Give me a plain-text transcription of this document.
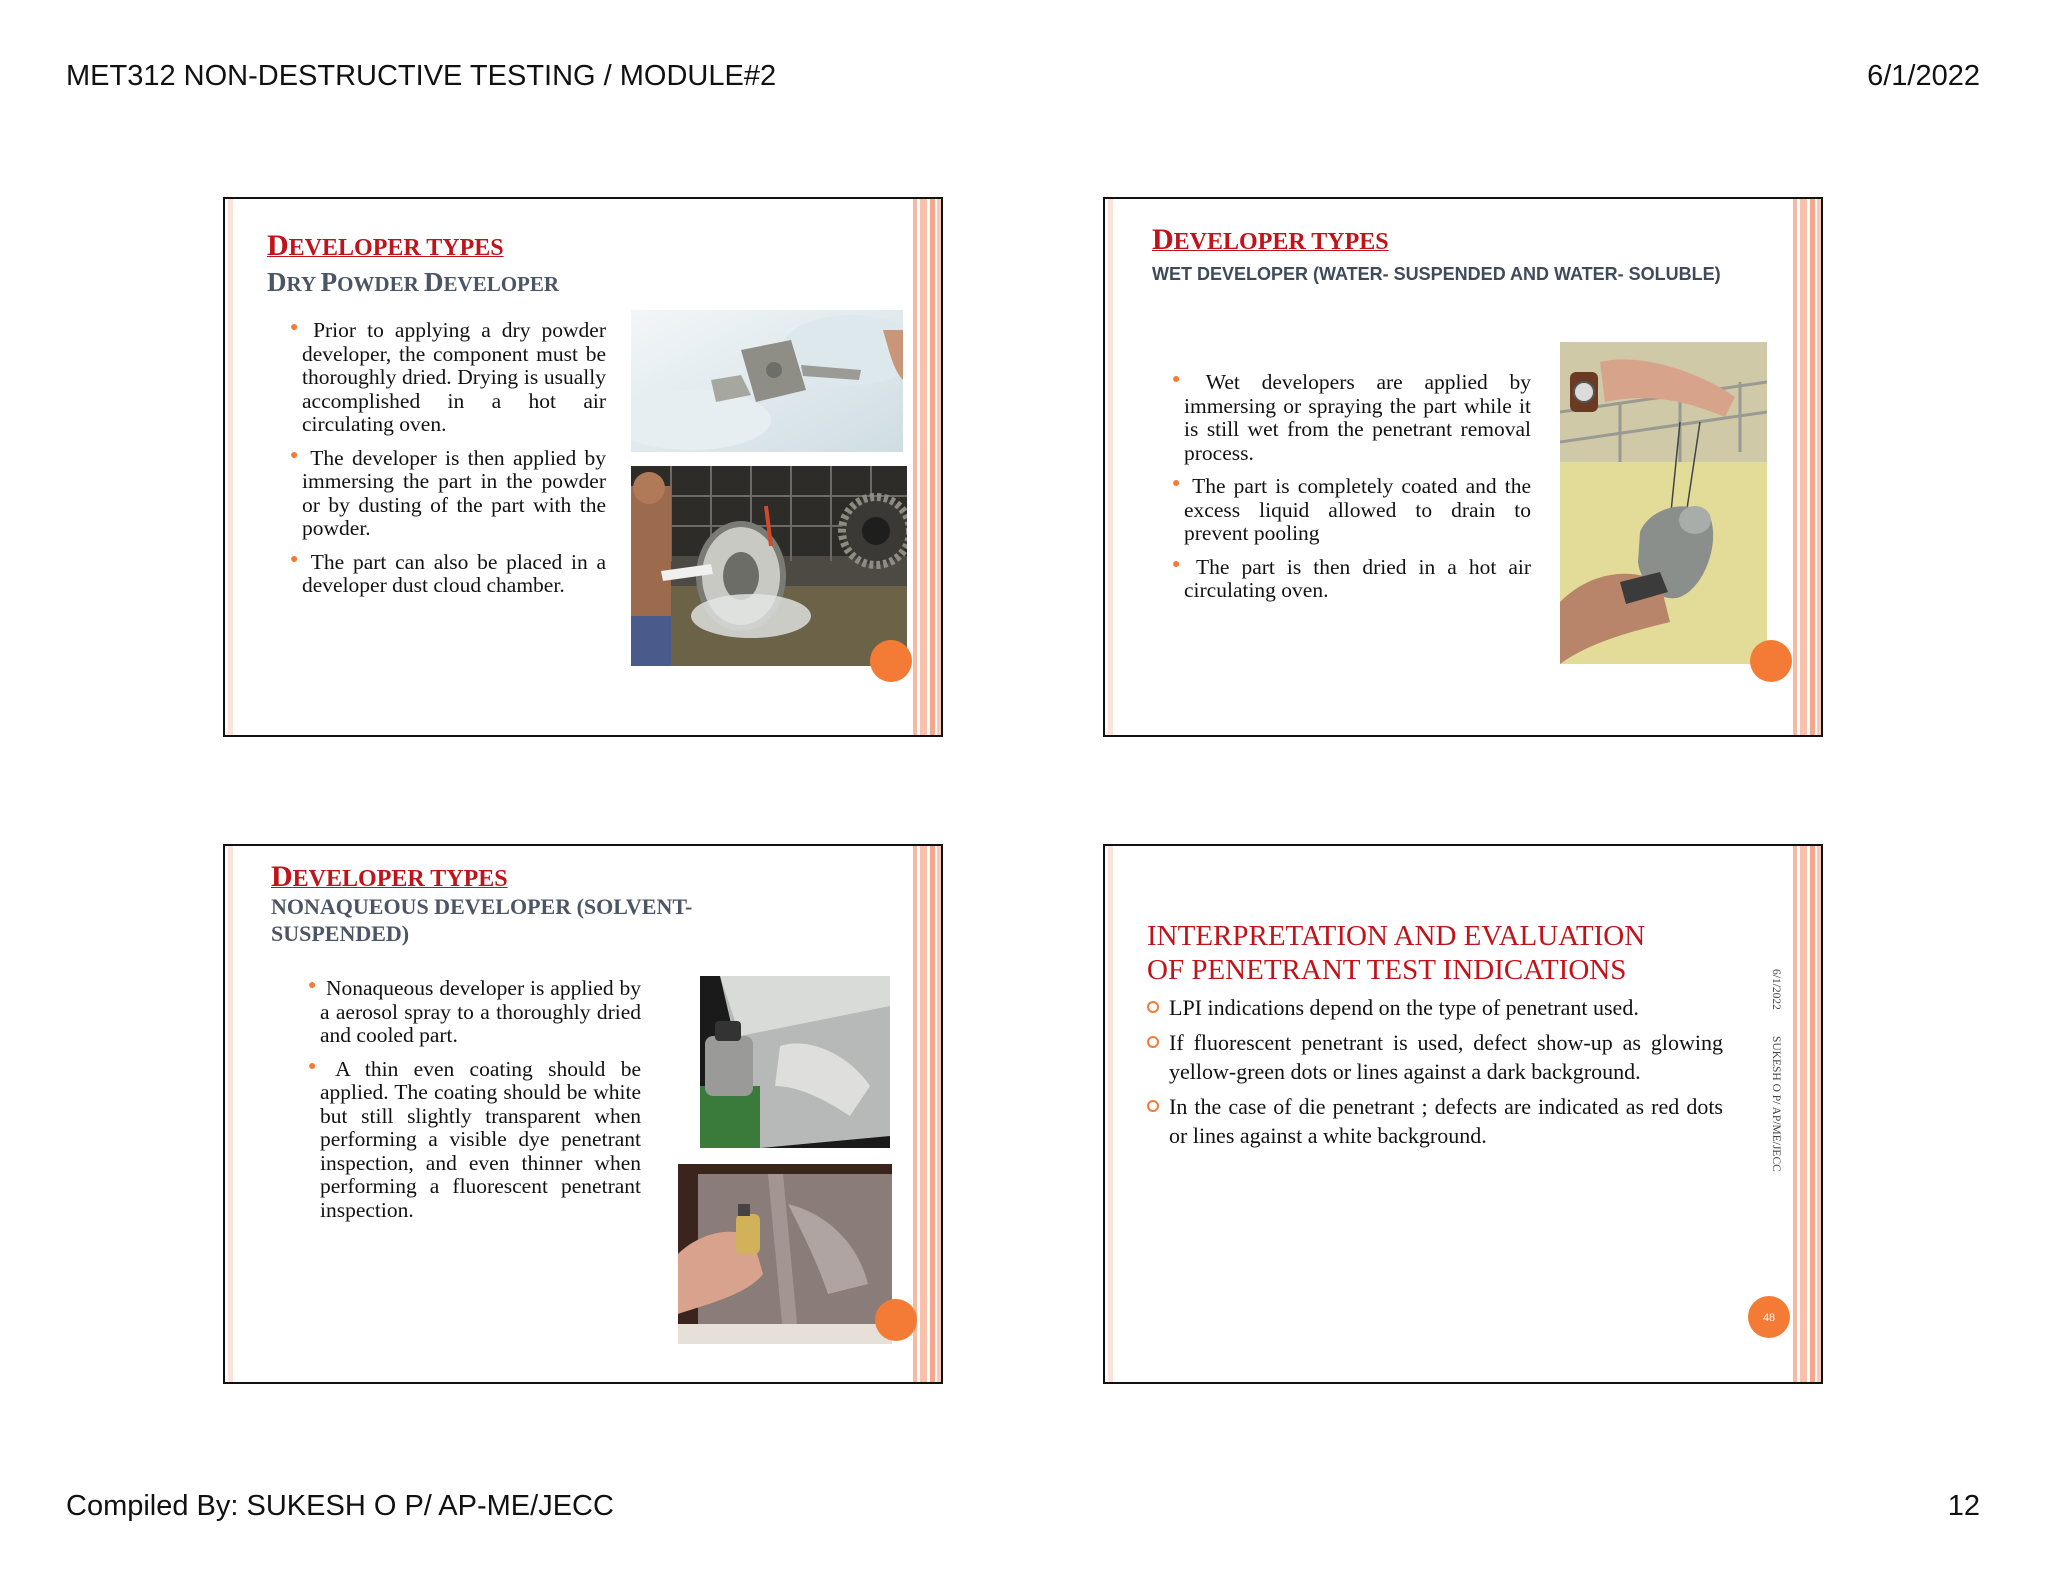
MET312 NON-DESTRUCTIVE TESTING / MODULE#2	6/1/2022
DEVELOPER TYPES
DRY POWDER DEVELOPER
● Prior to applying a dry powder developer, the component must be thoroughly dried. Drying is usually accomplished in a hot air circulating oven.
● The developer is then applied by immersing the part in the powder or by dusting of the part with the powder.
● The part can also be placed in a developer dust cloud chamber.
DEVELOPER TYPES
WET DEVELOPER (WATER- SUSPENDED AND WATER- SOLUBLE)
● Wet developers are applied by immersing or spraying the part while it is still wet from the penetrant removal process.
● The part is completely coated and the excess liquid allowed to drain to prevent pooling
● The part is then dried in a hot air circulating oven.
DEVELOPER TYPES
NONAQUEOUS DEVELOPER (SOLVENT-
SUSPENDED)
● Nonaqueous developer is applied by a aerosol spray to a thoroughly dried and cooled part.
● A thin even coating should be applied. The coating should be white but still slightly transparent when performing a visible dye penetrant inspection, and even thinner when performing a fluorescent penetrant inspection.
INTERPRETATION AND EVALUATION
OF PENETRANT TEST INDICATIONS
LPI indications depend on the type of penetrant used.
If fluorescent penetrant is used, defect show-up as glowing yellow-green dots or lines against a dark background.
In the case of die penetrant ; defects are indicated as red dots or lines against a white background.
6/1/2022
SUKESH O P/ AP/ME/JECC
48
Compiled By: SUKESH O P/ AP-ME/JECC	12
